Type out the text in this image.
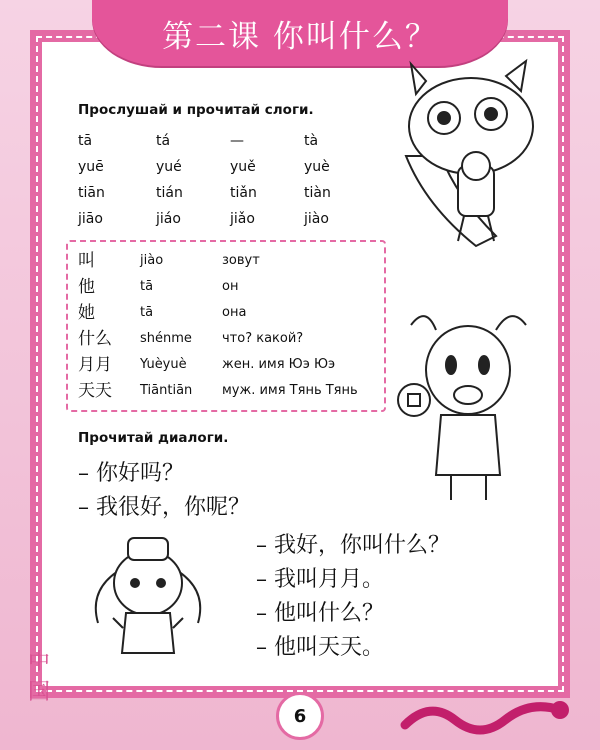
第二课 你叫什么？
Прослушай и прочитай слоги.
tā	tá	—	tà
yuē	yué	yuě	yuè
tiān	tián	tiǎn	tiàn
jiāo	jiáo	jiǎo	jiào
叫	jiào	зовут
他	tā	он
她	tā	она
什么	shénme	что? какой?
月月	Yuèyuè	жен. имя Юэ Юэ
天天	Tiāntiān	муж. имя Тянь Тянь
Прочитай диалоги.
– 你好吗？
– 我很好，你呢？
– 我好，你叫什么？
– 我叫月月。
– 他叫什么？
– 他叫天天。
中
国
6
